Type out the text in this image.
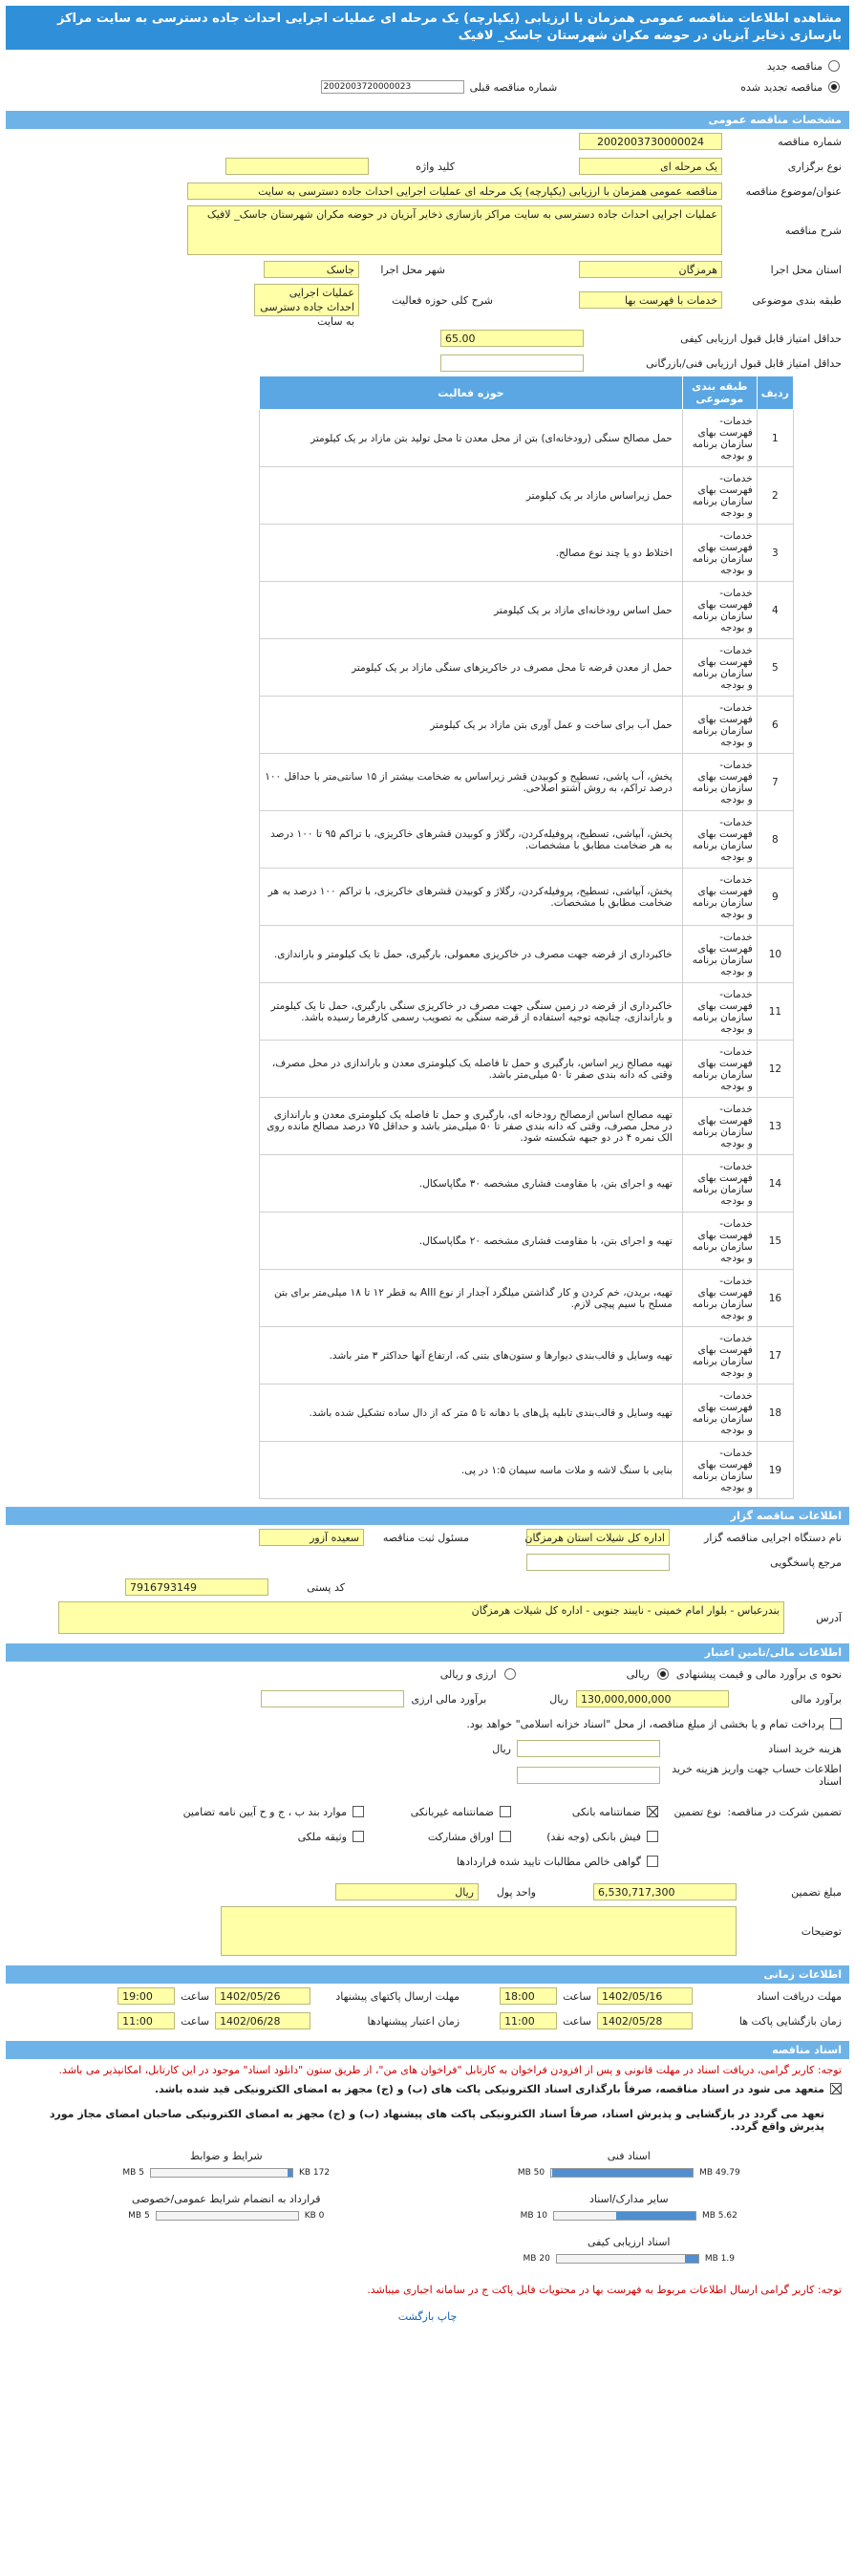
مشاهده اطلاعات مناقصه عمومی همزمان با ارزیابی (یکپارچه) یک مرحله ای عملیات اجرایی احداث جاده دسترسی به سایت مراکز بازسازی ذخایر آبزیان در حوضه مکران شهرستان جاسک_ لافیک
مناقصه جدید
مناقصه تجدید شده
شماره مناقصه قبلی
2002003720000023
مشخصات مناقصه عمومی
شماره مناقصه
2002003730000024
نوع برگزاری
یک مرحله ای
کلید واژه
عنوان/موضوع مناقصه
مناقصه عمومی همزمان با ارزیابی (یکپارچه) یک مرحله ای عملیات اجرایی احداث جاده دسترسی به سایت
شرح مناقصه
عملیات اجرایی احداث جاده دسترسی به سایت مراکز بازسازی ذخایر آبزیان در حوضه مکران شهرستان جاسک_ لافیک
استان محل اجرا
هرمزگان
شهر محل اجرا
جاسک
طبقه بندی موضوعی
خدمات با فهرست بها
شرح کلی حوزه فعالیت
عملیات اجرایی احداث جاده دسترسی به سایت
حداقل امتیاز قابل قبول ارزیابی کیفی
65.00
حداقل امتیاز قابل قبول ارزیابی فنی/بازرگانی
ردیف	طبقه بندی موضوعی	حوزه فعالیت
1	خدمات-فهرست بهای سازمان برنامه و بودجه	حمل مصالح سنگی (رودخانه‌ای) بتن از محل معدن تا محل تولید بتن مازاد بر یک کیلومتر
2	خدمات-فهرست بهای سازمان برنامه و بودجه	حمل زیراساس مازاد بر یک کیلومتر
3	خدمات-فهرست بهای سازمان برنامه و بودجه	اختلاط دو یا چند نوع مصالح.
4	خدمات-فهرست بهای سازمان برنامه و بودجه	حمل اساس رودخانه‌ای مازاد بر یک کیلومتر
5	خدمات-فهرست بهای سازمان برنامه و بودجه	حمل از معدن قرضه تا محل مصرف در خاکریزهای سنگی مازاد بر یک کیلومتر
6	خدمات-فهرست بهای سازمان برنامه و بودجه	حمل آب برای ساخت و عمل آوری بتن مازاد بر یک کیلومتر
7	خدمات-فهرست بهای سازمان برنامه و بودجه	پخش، آب پاشی، تسطیح و کوبیدن قشر زیراساس به ضخامت بیشتر از ۱۵ سانتی‌متر با حداقل ۱۰۰ درصد تراکم، به روش آشتو اصلاحی.
8	خدمات-فهرست بهای سازمان برنامه و بودجه	پخش، آبپاشی، تسطیح، پروفیله‌کردن، رگلاژ و کوبیدن قشرهای خاکریزی، با تراکم ۹۵ تا ۱۰۰ درصد به هر ضخامت مطابق با مشخصات.
9	خدمات-فهرست بهای سازمان برنامه و بودجه	پخش، آبپاشی، تسطیح، پروفیله‌کردن، رگلاژ و کوبیدن قشرهای خاکریزی، با تراکم ۱۰۰ درصد به هر ضخامت مطابق با مشخصات.
10	خدمات-فهرست بهای سازمان برنامه و بودجه	خاکبرداری از قرضه جهت مصرف در خاکریزی معمولی، بارگیری، حمل تا یک کیلومتر و باراندازی.
11	خدمات-فهرست بهای سازمان برنامه و بودجه	خاکبرداری از قرضه در زمین سنگی جهت مصرف در خاکریزی سنگی بارگیری، حمل تا یک کیلومتر و باراندازی، چنانچه توجیه استفاده از قرضه سنگی به تصویب رسمی کارفرما رسیده باشد.
12	خدمات-فهرست بهای سازمان برنامه و بودجه	تهیه مصالح زیر اساس، بارگیری و حمل تا فاصله یک کیلومتری معدن و باراندازی در محل مصرف، وقتی که دانه بندی صفر تا ۵۰ میلی‌متر باشد.
13	خدمات-فهرست بهای سازمان برنامه و بودجه	تهیه مصالح اساس ازمصالح رودخانه ای، بارگیری و حمل تا فاصله یک کیلومتری معدن و باراندازی در محل مصرف، وقتی که دانه بندی صفر تا ۵۰ میلی‌متر باشد و حداقل ۷۵ درصد مصالح مانده روی الک نمره ۴ در دو جبهه شکسته شود.
14	خدمات-فهرست بهای سازمان برنامه و بودجه	تهیه و اجرای بتن، با مقاومت فشاری مشخصه ۳۰ مگاپاسکال.
15	خدمات-فهرست بهای سازمان برنامه و بودجه	تهیه و اجرای بتن، با مقاومت فشاری مشخصه ۲۰ مگاپاسکال.
16	خدمات-فهرست بهای سازمان برنامه و بودجه	تهیه، بریدن، خم کردن و کار گذاشتن میلگرد آجدار از نوع AIII به قطر ۱۲ تا ۱۸ میلی‌متر برای بتن مسلح با سیم پیچی لازم.
17	خدمات-فهرست بهای سازمان برنامه و بودجه	تهیه وسایل و قالب‌بندی دیوارها و ستون‌های بتنی که، ارتفاع آنها حداکثر ۳ متر باشد.
18	خدمات-فهرست بهای سازمان برنامه و بودجه	تهیه وسایل و قالب‌بندی تابلیه پل‌های با دهانه تا ۵ متر که از دال ساده تشکیل شده باشد.
19	خدمات-فهرست بهای سازمان برنامه و بودجه	بنایی با سنگ لاشه و ملات ماسه سیمان ۱:۵ در پی.
اطلاعات مناقصه گزار
نام دستگاه اجرایی مناقصه گزار
اداره کل شیلات استان هرمزگان
مسئول ثبت مناقصه
سعیده آزور
مرجع پاسخگویی
کد پستی
7916793149
آدرس
بندرعباس - بلوار امام خمینی - نایبند جنوبی - اداره کل شیلات هرمزگان
اطلاعات مالی/تامین اعتبار
نحوه ی برآورد مالی و قیمت پیشنهادی
ریالی
ارزی و ریالی
برآورد مالی
130,000,000,000
ریال
برآورد مالی ارزی
پرداخت تمام و یا بخشی از مبلغ مناقصه، از محل "اسناد خزانه اسلامی" خواهد بود.
هزینه خرید اسناد
ریال
اطلاعات حساب جهت واریز هزینه خرید اسناد
تضمین شرکت در مناقصه:
نوع تضمین
ضمانتنامه بانکی
ضمانتنامه غیربانکی
موارد بند ب ، ج و ح آیین نامه تضامین
فیش بانکی (وجه نقد)
اوراق مشارکت
وثیقه ملکی
گواهی خالص مطالبات تایید شده قراردادها
مبلغ تضمین
6,530,717,300
واحد پول
ریال
توضیحات
اطلاعات زمانی
مهلت دریافت اسناد
1402/05/16
ساعت
18:00
مهلت ارسال پاکتهای پیشنهاد
1402/05/26
ساعت
19:00
زمان بازگشایی پاکت ها
1402/05/28
ساعت
11:00
زمان اعتبار پیشنهادها
1402/06/28
ساعت
11:00
اسناد مناقصه
توجه: کاربر گرامی، دریافت اسناد در مهلت قانونی و پس از افزودن فراخوان به کارتابل "فراخوان های من"، از طریق ستون "دانلود اسناد" موجود در این کارتابل، امکانپذیر می باشد.
متعهد می شود در اسناد مناقصه، صرفاً بارگذاری اسناد الکترونیکی پاکت های (ب) و (ج) مجهز به امضای الکترونیکی قید شده باشد.
تعهد می گردد در بازگشایی و پذیرش اسناد، صرفاً اسناد الکترونیکی پاکت های پیشنهاد (ب) و (ج) مجهز به امضای الکترونیکی صاحبان امضای مجاز مورد پذیرش واقع گردد.
اسناد فنی
49.79 MB
50 MB
شرایط و ضوابط
172 KB
5 MB
سایر مدارک/اسناد
5.62 MB
10 MB
قرارداد به انضمام شرایط عمومی/خصوصی
0 KB
5 MB
اسناد ارزیابی کیفی
1.9 MB
20 MB
توجه: کاربر گرامی ارسال اطلاعات مربوط به فهرست بها در محتویات فایل پاکت ج در سامانه اجباری میباشد.
چاپ بازگشت
